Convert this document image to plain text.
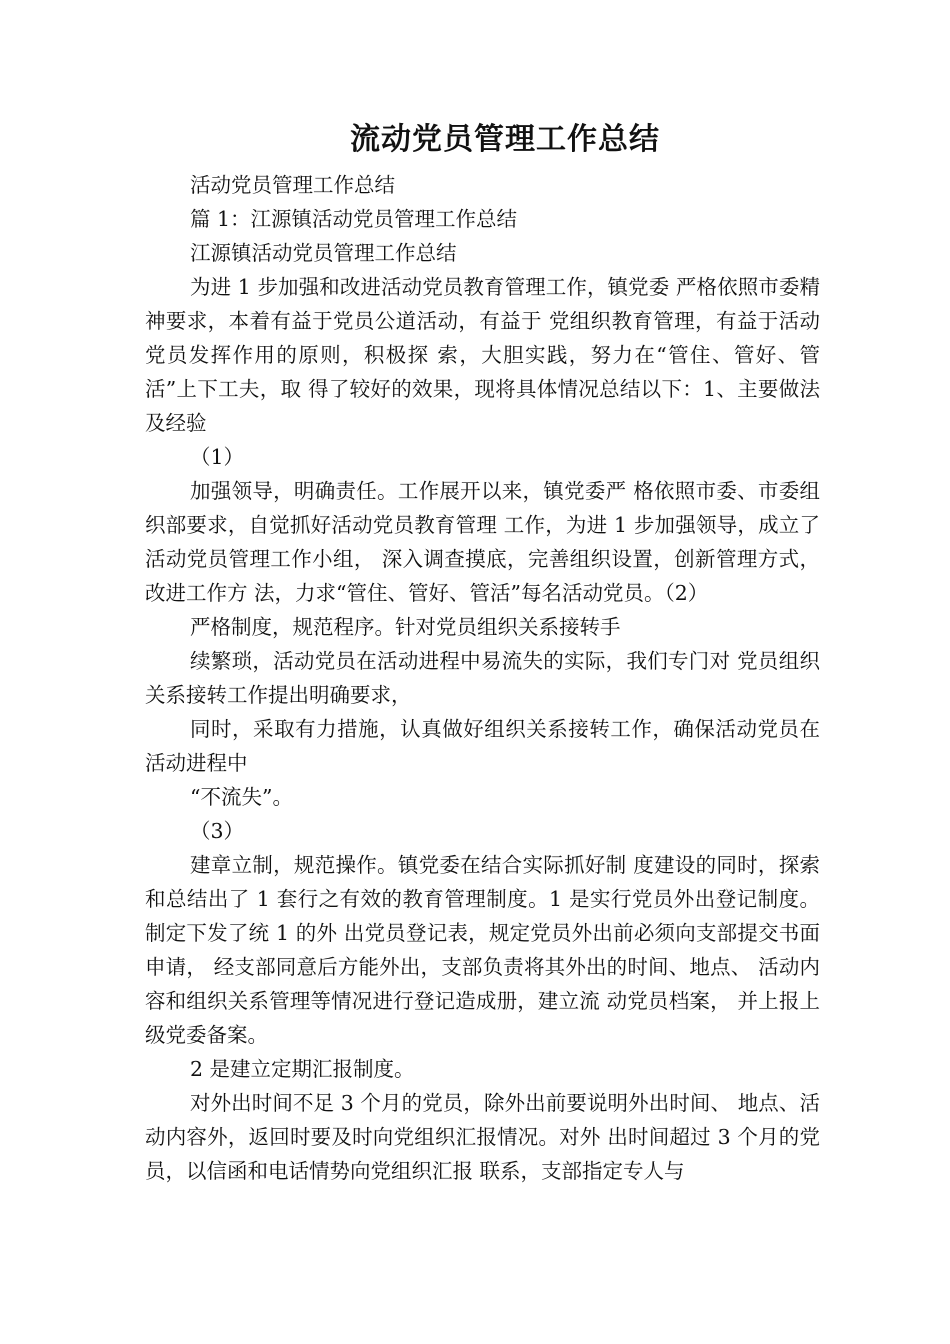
流动党员管理工作总结

活动党员管理工作总结

篇 1：江源镇活动党员管理工作总结

江源镇活动党员管理工作总结

为进 1 步加强和改进活动党员教育管理工作，镇党委 严格依照市委精神要求，本着有益于党员公道活动，有益于 党组织教育管理，有益于活动党员发挥作用的原则，积极探 索，大胆实践，努力在“管住、管好、管活”上下工夫，取 得了较好的效果，现将具体情况总结以下：1、主要做法及经验

（1）

加强领导，明确责任。工作展开以来，镇党委严 格依照市委、市委组织部要求，自觉抓好活动党员教育管理 工作，为进 1 步加强领导，成立了活动党员管理工作小组， 深入调查摸底，完善组织设置，创新管理方式，改进工作方 法，力求“管住、管好、管活”每名活动党员。（2）

严格制度，规范程序。针对党员组织关系接转手

续繁琐，活动党员在活动进程中易流失的实际，我们专门对 党员组织关系接转工作提出明确要求，

同时，采取有力措施，认真做好组织关系接转工作，确保活动党员在活动进程中

“不流失”。

（3）

建章立制，规范操作。镇党委在结合实际抓好制 度建设的同时，探索和总结出了 1 套行之有效的教育管理制度。1 是实行党员外出登记制度。制定下发了统 1 的外 出党员登记表，规定党员外出前必须向支部提交书面申请， 经支部同意后方能外出，支部负责将其外出的时间、地点、 活动内容和组织关系管理等情况进行登记造成册，建立流 动党员档案， 并上报上级党委备案。

2 是建立定期汇报制度。

对外出时间不足 3 个月的党员，除外出前要说明外出时间、 地点、活动内容外，返回时要及时向党组织汇报情况。对外 出时间超过 3 个月的党员，以信函和电话情势向党组织汇报 联系，支部指定专人与
